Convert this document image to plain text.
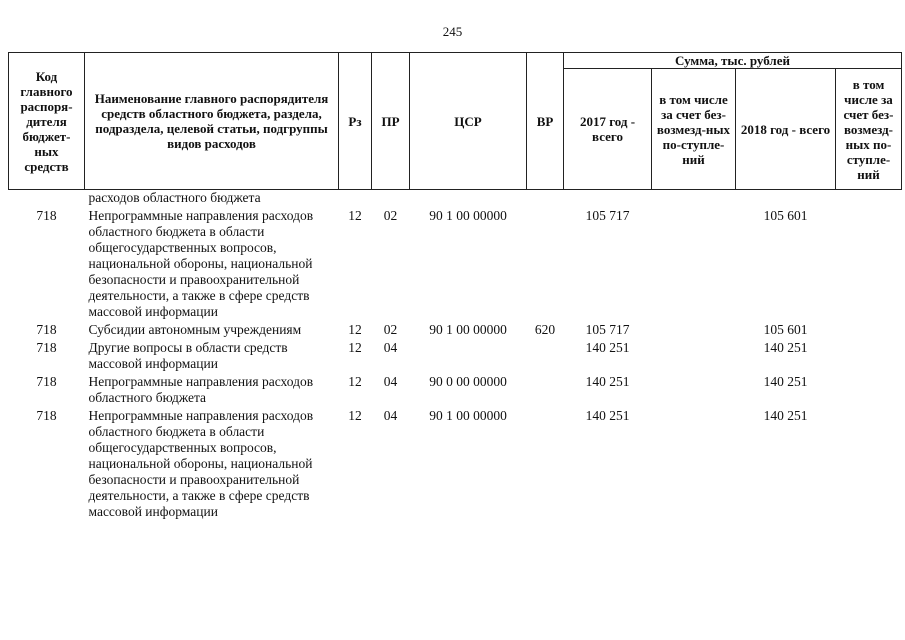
245
Код главного распоря-дителя бюджет-ных средств	Наименование главного распорядителя средств областного бюджета, раздела, подраздела, целевой статьи, подгруппы видов расходов	Рз	ПР	ЦСР	ВР	Сумма, тыс. рублей			
						2017 год - всего	в том числе за счет без-возмезд-ных по-ступле-ний	2018 год - всего	в том числе за счет без-возмезд-ных по-ступле-ний
	расходов областного бюджета								
718	Непрограммные направления расходов областного бюджета в области общегосударственных вопросов, национальной обороны, национальной безопасности и правоохранительной деятельности, а также в сфере средств массовой информации	12	02	90 1 00 00000		105 717		105 601	
718	Субсидии автономным учреждениям	12	02	90 1 00 00000	620	105 717		105 601	
718	Другие вопросы в области средств массовой информации	12	04			140 251		140 251	
718	Непрограммные направления расходов областного бюджета	12	04	90 0 00 00000		140 251		140 251	
718	Непрограммные направления расходов областного бюджета в области общегосударственных вопросов, национальной обороны, национальной безопасности и правоохранительной деятельности, а также в сфере средств массовой информации	12	04	90 1 00 00000		140 251		140 251	
